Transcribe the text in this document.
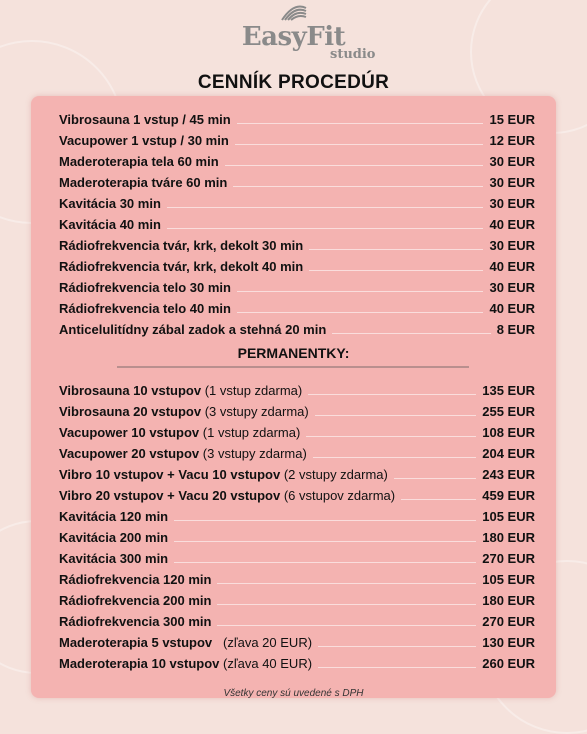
EasyFit
studio
CENNÍK PROCEDÚR
Vibrosauna 1 vstup / 45 min	15 EUR
Vacupower 1 vstup / 30 min	12 EUR
Maderoterapia tela 60 min	30 EUR
Maderoterapia tváre 60 min	30 EUR
Kavitácia 30 min	30 EUR
Kavitácia 40 min	40 EUR
Rádiofrekvencia tvár, krk, dekolt 30 min	30 EUR
Rádiofrekvencia tvár, krk, dekolt 40 min	40 EUR
Rádiofrekvencia telo 30 min	30 EUR
Rádiofrekvencia telo 40 min	40 EUR
Anticelulitídny zábal zadok a stehná 20 min	8 EUR
PERMANENTKY:
Vibrosauna 10 vstupov (1 vstup zdarma)	135 EUR
Vibrosauna 20 vstupov (3 vstupy zdarma)	255 EUR
Vacupower 10 vstupov (1 vstup zdarma)	108 EUR
Vacupower 20 vstupov (3 vstupy zdarma)	204 EUR
Vibro 10 vstupov + Vacu 10 vstupov (2 vstupy zdarma)	243 EUR
Vibro 20 vstupov + Vacu 20 vstupov (6 vstupov zdarma)	459 EUR
Kavitácia 120 min	105 EUR
Kavitácia 200 min	180 EUR
Kavitácia 300 min	270 EUR
Rádiofrekvencia 120 min	105 EUR
Rádiofrekvencia 200 min	180 EUR
Rádiofrekvencia 300 min	270 EUR
Maderoterapia 5 vstupov (zľava 20 EUR)	130 EUR
Maderoterapia 10 vstupov (zľava 40 EUR)	260 EUR
Všetky ceny sú uvedené s DPH
